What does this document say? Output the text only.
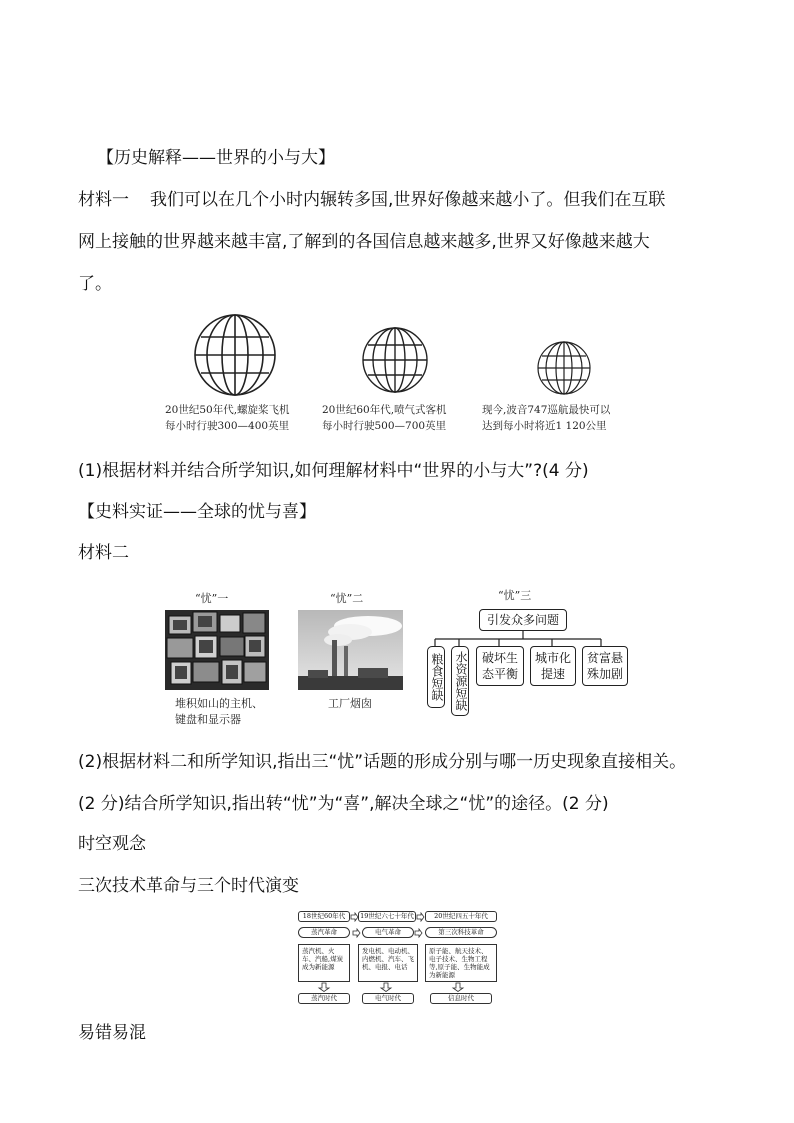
【历史解释——世界的小与大】
材料一 我们可以在几个小时内辗转多国,世界好像越来越小了。但我们在互联
网上接触的世界越来越丰富,了解到的各国信息越来越多,世界又好像越来越大
了。
20世纪50年代,螺旋桨飞机
每小时行驶300—400英里
20世纪60年代,喷气式客机
每小时行驶500—700英里
现今,波音747巡航最快可以
达到每小时将近1 120公里
(1)根据材料并结合所学知识,如何理解材料中“世界的小与大”?(4 分)
【史料实证——全球的忧与喜】
材料二
“忧”一
堆积如山的主机、
键盘和显示器
“忧”二
工厂烟囱
“忧”三
引发众多问题
粮食短缺 水资源短缺	破坏生态平衡
城市化提速
贫富悬殊加剧
(2)根据材料二和所学知识,指出三“忧”话题的形成分别与哪一历史现象直接相关。
(2 分)结合所学知识,指出转“忧”为“喜”,解决全球之“忧”的途径。(2 分)
时空观念
三次技术革命与三个时代演变
18世纪60年代	19世纪六七十年代	20世纪四五十年代
蒸汽革命	电气革命	第三次科技革命
蒸汽机、火车、汽船,煤炭成为新能源
发电机、电动机、内燃机、汽车、飞机、电报、电话
原子能、航天技术、电子技术、生物工程等,原子能、生物能成为新能源
蒸汽时代	电气时代	信息时代
易错易混
